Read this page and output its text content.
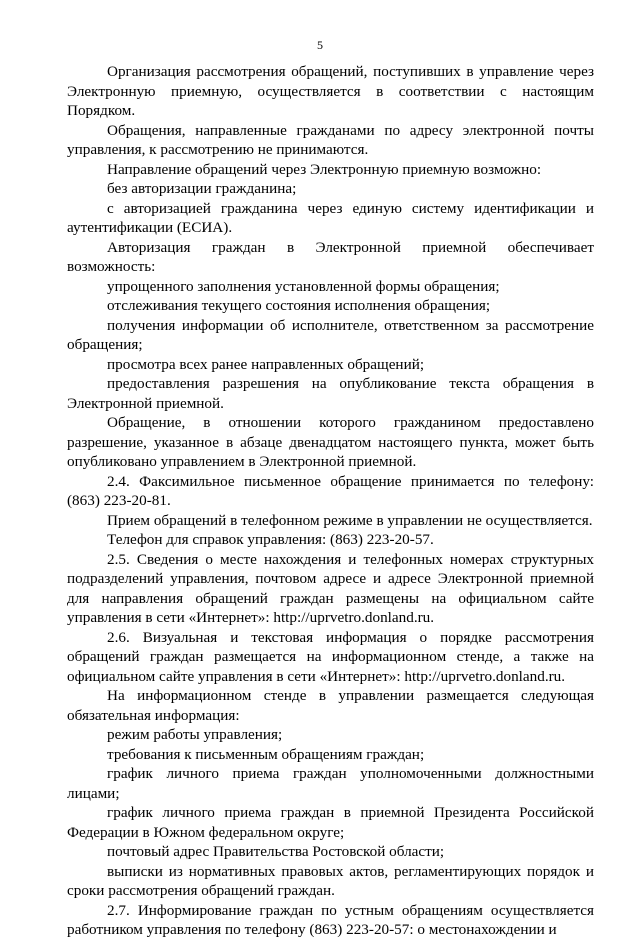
5

Организация рассмотрения обращений, поступивших в управление через Электронную приемную, осуществляется в соответствии с настоящим Порядком.

Обращения, направленные гражданами по адресу электронной почты управления, к рассмотрению не принимаются.

Направление обращений через Электронную приемную возможно:

без авторизации гражданина;

с авторизацией гражданина через единую систему идентификации и аутентификации (ЕСИА).

Авторизация граждан в Электронной приемной обеспечивает возможность:

упрощенного заполнения установленной формы обращения;

отслеживания текущего состояния исполнения обращения;

получения информации об исполнителе, ответственном за рассмотрение обращения;

просмотра всех ранее направленных обращений;

предоставления разрешения на опубликование текста обращения в Электронной приемной.

Обращение, в отношении которого гражданином предоставлено разрешение, указанное в абзаце двенадцатом настоящего пункта, может быть опубликовано управлением в Электронной приемной.

2.4. Факсимильное письменное обращение принимается по телефону: (863) 223-20-81.

Прием обращений в телефонном режиме в управлении не осуществляется.

Телефон для справок управления: (863) 223-20-57.

2.5. Сведения о месте нахождения и телефонных номерах структурных подразделений управления, почтовом адресе и адресе Электронной приемной для направления обращений граждан размещены на официальном сайте управления в сети «Интернет»: http://uprvetro.donland.ru.

2.6. Визуальная и текстовая информация о порядке рассмотрения обращений граждан размещается на информационном стенде, а также на официальном сайте управления в сети «Интернет»: http://uprvetro.donland.ru.

На информационном стенде в управлении размещается следующая обязательная информация:

режим работы управления;

требования к письменным обращениям граждан;

график личного приема граждан уполномоченными должностными лицами;

график личного приема граждан в приемной Президента Российской Федерации в Южном федеральном округе;

почтовый адрес Правительства Ростовской области;

выписки из нормативных правовых актов, регламентирующих порядок и сроки рассмотрения обращений граждан.

2.7. Информирование граждан по устным обращениям осуществляется работником управления по телефону (863) 223-20-57: о местонахождении и
